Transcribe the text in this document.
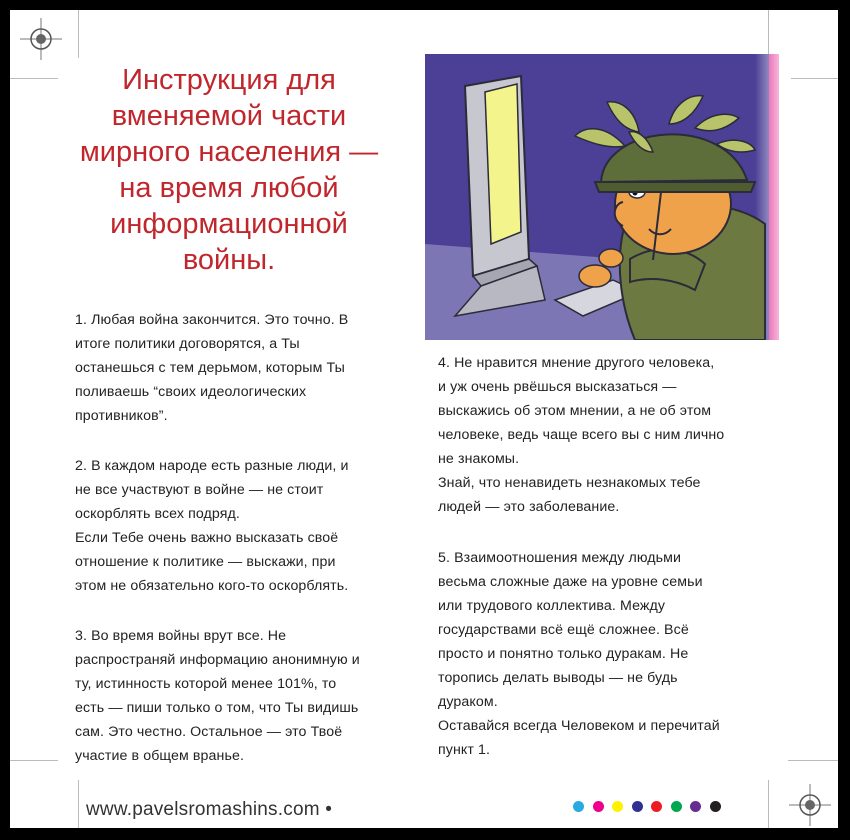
Инструкция для
вменяемой части
мирного населения —
на время любой
информационной
войны.
1. Любая война закончится. Это точно. В
итоге политики договорятся, а Ты
останешься с тем дерьмом, которым Ты
поливаешь “своих идеологических
противников”.
2. В каждом народе есть разные люди, и
не все участвуют в войне — не стоит
оскорблять всех подряд.
Если Тебе очень важно высказать своё
отношение к политике — выскажи, при
этом не обязательно кого-то оскорблять.
3. Во время войны врут все. Не
распространяй информацию анонимную и
ту, истинность которой менее 101%, то
есть — пиши только о том, что Ты видишь
сам. Это честно. Остальное — это Твоё
участие в общем вранье.
4. Не нравится мнение другого человека,
и уж очень рвёшься высказаться —
выскажись об этом мнении, а не об этом
человеке, ведь чаще всего вы с ним лично
не знакомы.
Знай, что ненавидеть незнакомых тебе
людей — это заболевание.
5. Взаимоотношения между людьми
весьма сложные даже на уровне семьи
или трудового коллектива. Между
государствами всё ещё сложнее. Всё
просто и понятно только дуракам. Не
торопись делать выводы — не будь
дураком.
Оставайся всегда Человеком и перечитай
пункт 1.
www.pavelsromashins.com •
